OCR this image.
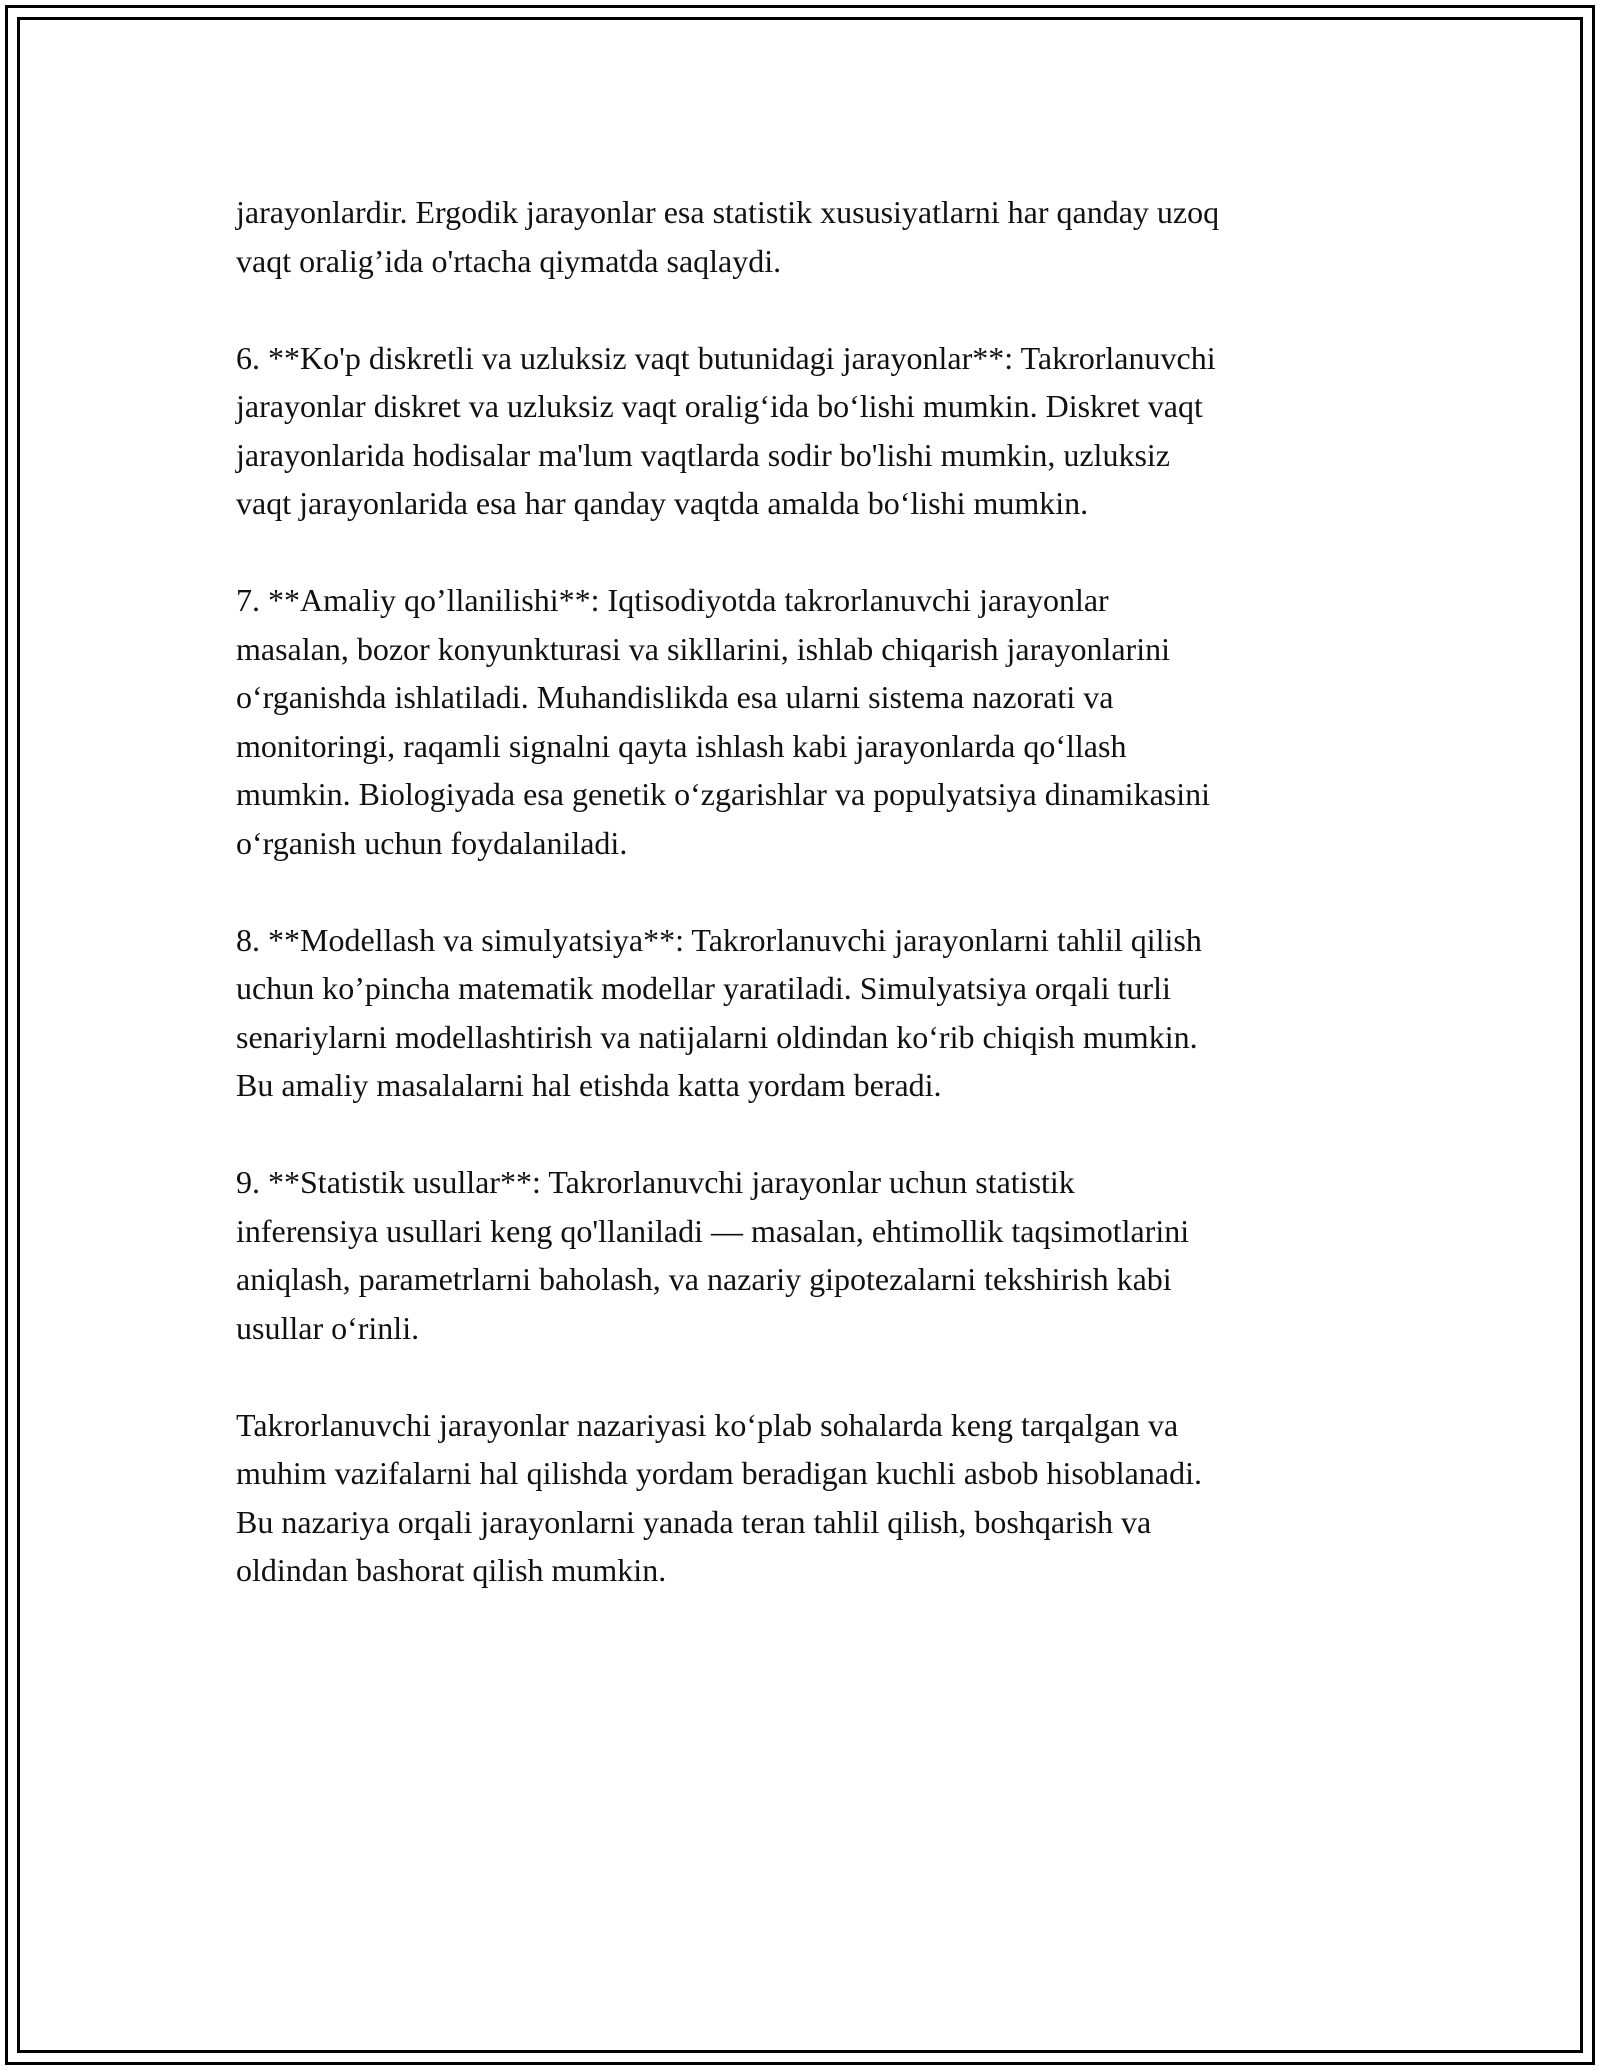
jarayonlardir. Ergodik jarayonlar esa statistik xususiyatlarni har qanday uzoq
vaqt oralig’ida o'rtacha qiymatda saqlaydi.

6. **Ko'p diskretli va uzluksiz vaqt butunidagi jarayonlar**: Takrorlanuvchi
jarayonlar diskret va uzluksiz vaqt oralig‘ida bo‘lishi mumkin. Diskret vaqt
jarayonlarida hodisalar ma'lum vaqtlarda sodir bo'lishi mumkin, uzluksiz
vaqt jarayonlarida esa har qanday vaqtda amalda bo‘lishi mumkin.

7. **Amaliy qo’llanilishi**: Iqtisodiyotda takrorlanuvchi jarayonlar
masalan, bozor konyunkturasi va sikllarini, ishlab chiqarish jarayonlarini
o‘rganishda ishlatiladi. Muhandislikda esa ularni sistema nazorati va
monitoringi, raqamli signalni qayta ishlash kabi jarayonlarda qo‘llash
mumkin. Biologiyada esa genetik o‘zgarishlar va populyatsiya dinamikasini
o‘rganish uchun foydalaniladi.

8. **Modellash va simulyatsiya**: Takrorlanuvchi jarayonlarni tahlil qilish
uchun ko’pincha matematik modellar yaratiladi. Simulyatsiya orqali turli
senariylarni modellashtirish va natijalarni oldindan ko‘rib chiqish mumkin.
Bu amaliy masalalarni hal etishda katta yordam beradi.

9. **Statistik usullar**: Takrorlanuvchi jarayonlar uchun statistik
inferensiya usullari keng qo'llaniladi — masalan, ehtimollik taqsimotlarini
aniqlash, parametrlarni baholash, va nazariy gipotezalarni tekshirish kabi
usullar o‘rinli.

Takrorlanuvchi jarayonlar nazariyasi ko‘plab sohalarda keng tarqalgan va
muhim vazifalarni hal qilishda yordam beradigan kuchli asbob hisoblanadi.
Bu nazariya orqali jarayonlarni yanada teran tahlil qilish, boshqarish va
oldindan bashorat qilish mumkin.
